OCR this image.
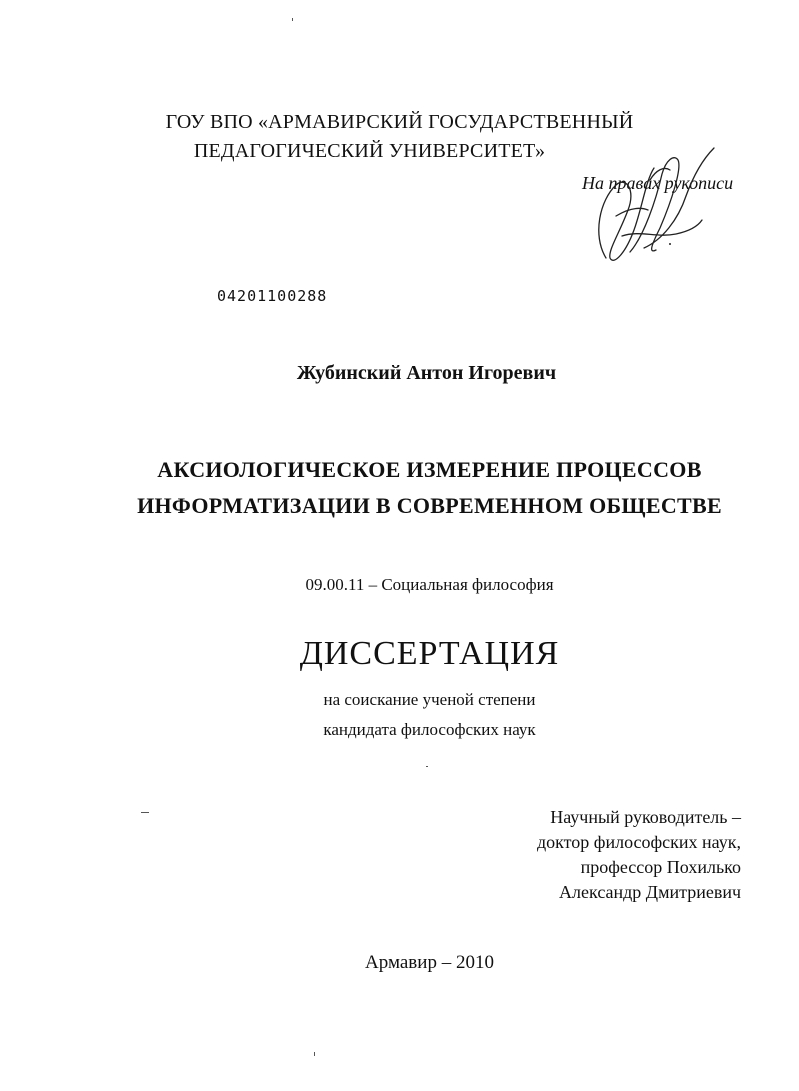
ГОУ ВПО «АРМАВИРСКИЙ ГОСУДАРСТВЕННЫЙ
ПЕДАГОГИЧЕСКИЙ УНИВЕРСИТЕТ»
На правах рукописи
04201100288
Жубинский Антон Игоревич
АКСИОЛОГИЧЕСКОЕ ИЗМЕРЕНИЕ ПРОЦЕССОВ
ИНФОРМАТИЗАЦИИ В СОВРЕМЕННОМ ОБЩЕСТВЕ
09.00.11 – Социальная философия
ДИССЕРТАЦИЯ
на соискание ученой степени
кандидата философских наук
Научный руководитель –
доктор философских наук,
профессор Похилько
Александр Дмитриевич
Армавир – 2010
